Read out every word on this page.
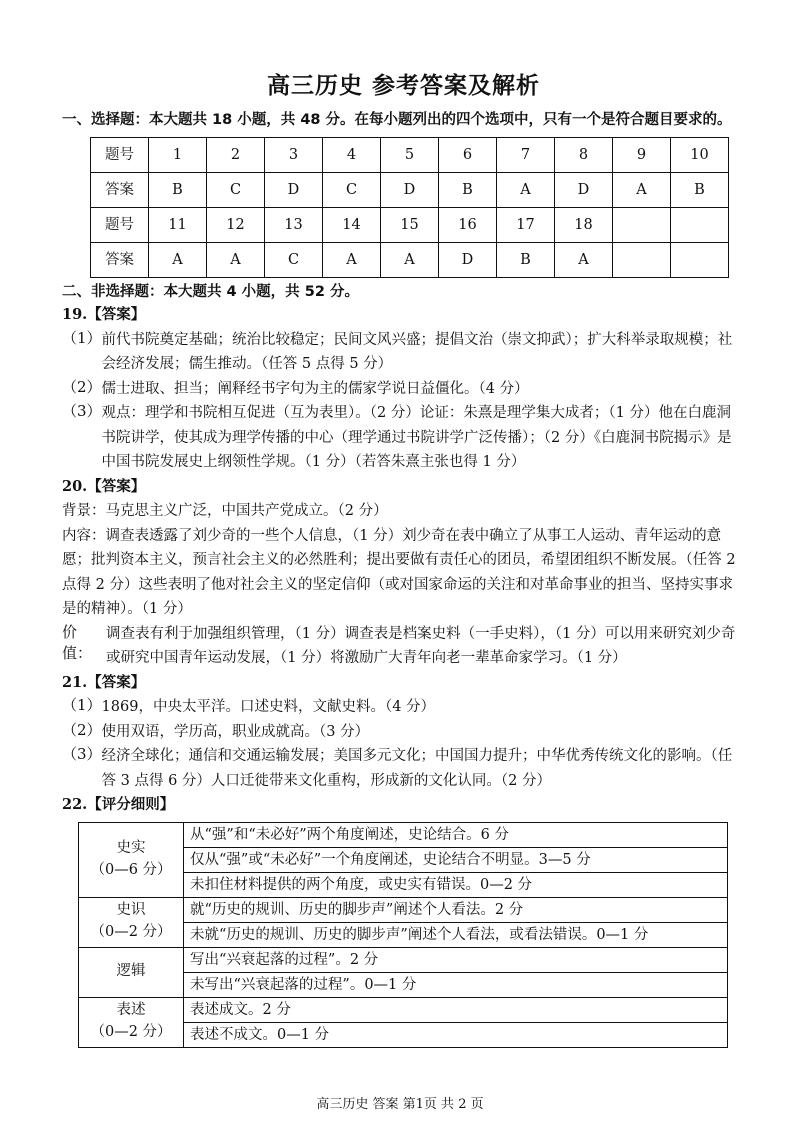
高三历史 参考答案及解析

一、选择题：本大题共 18 小题，共 48 分。在每小题列出的四个选项中，只有一个是符合题目要求的。

题号	1	2	3	4	5	6	7	8	9	10
答案	B	C	D	C	D	B	A	D	A	B
题号	11	12	13	14	15	16	17	18		
答案	A	A	C	A	A	D	B	A		

二、非选择题：本大题共 4 小题，共 52 分。

19.【答案】

（1） 前代书院奠定基础；统治比较稳定；民间文风兴盛；提倡文治（崇文抑武）；扩大科举录取规模；社会经济发展；儒生推动。（任答 5 点得 5 分）

（2） 儒士进取、担当；阐释经书字句为主的儒家学说日益僵化。（4 分）

（3） 观点：理学和书院相互促进（互为表里）。（2 分）论证：朱熹是理学集大成者；（1 分）他在白鹿洞书院讲学，使其成为理学传播的中心（理学通过书院讲学广泛传播）；（2 分）《白鹿洞书院揭示》是中国书院发展史上纲领性学规。（1 分）（若答朱熹主张也得 1 分）

20.【答案】

背景：马克思主义广泛，中国共产党成立。（2 分）

内容：调查表透露了刘少奇的一些个人信息，（1 分）刘少奇在表中确立了从事工人运动、青年运动的意愿；批判资本主义，预言社会主义的必然胜利；提出要做有责任心的团员，希望团组织不断发展。（任答 2 点得 2 分）这些表明了他对社会主义的坚定信仰（或对国家命运的关注和对革命事业的担当、坚持实事求是的精神）。（1 分）

价值：

调查表有利于加强组织管理，（1 分）调查表是档案史料（一手史料），（1 分）可以用来研究刘少奇或研究中国青年运动发展，（1 分）将激励广大青年向老一辈革命家学习。（1 分）

21.【答案】

（1） 1869，中央太平洋。口述史料，文献史料。（4 分）

（2） 使用双语，学历高，职业成就高。（3 分）

（3） 经济全球化；通信和交通运输发展；美国多元文化；中国国力提升；中华优秀传统文化的影响。（任答 3 点得 6 分）人口迁徙带来文化重构，形成新的文化认同。（2 分）

22.【评分细则】

史实
（0—6 分）	从“强”和“未必好”两个角度阐述，史论结合。6 分
	仅从“强”或“未必好”一个角度阐述，史论结合不明显。3—5 分
	未扣住材料提供的两个角度，或史实有错误。0—2 分

史识
（0—2 分）	就“历史的规训、历史的脚步声”阐述个人看法。2 分
	未就“历史的规训、历史的脚步声”阐述个人看法，或看法错误。0—1 分

逻辑	写出“兴衰起落的过程”。2 分
	未写出“兴衰起落的过程”。0—1 分

表述
（0—2 分）	表述成文。2 分
	表述不成文。0—1 分
高三历史 答案 第1页 共 2 页
